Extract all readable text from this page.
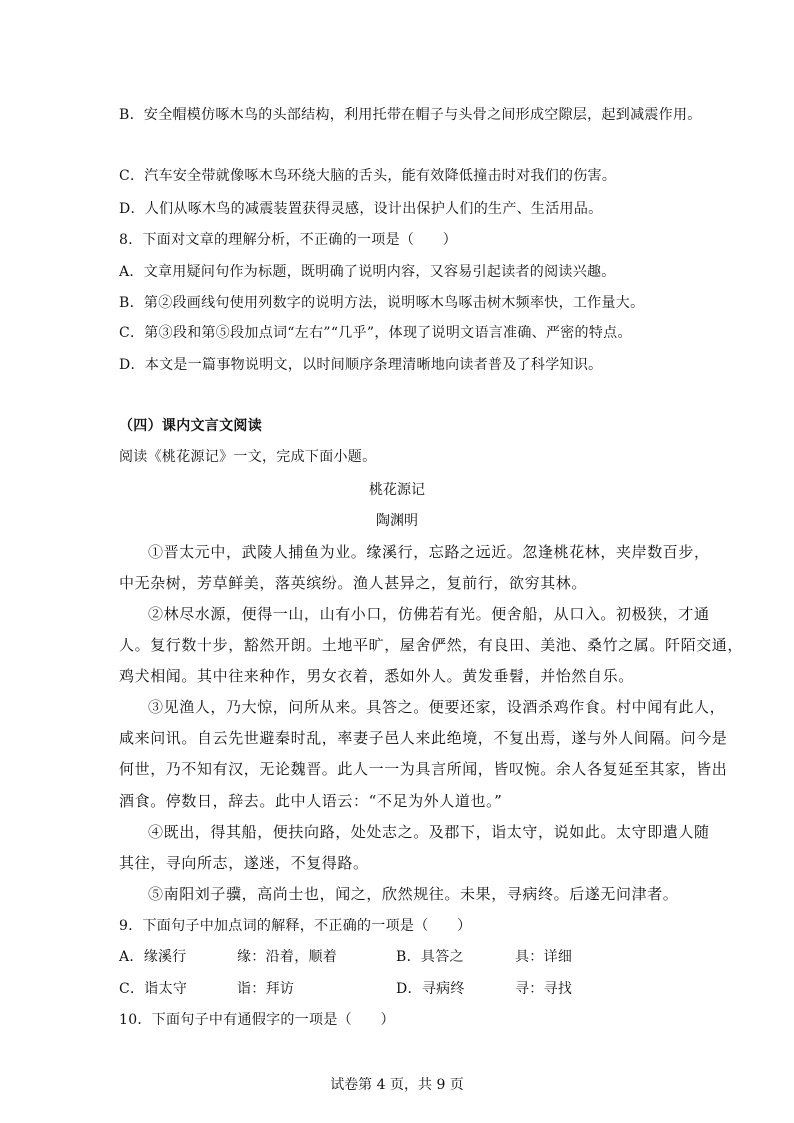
B．安全帽模仿啄木鸟的头部结构，利用托带在帽子与头骨之间形成空隙层，起到减震作用。
C．汽车安全带就像啄木鸟环绕大脑的舌头，能有效降低撞击时对我们的伤害。
D．人们从啄木鸟的减震装置获得灵感，设计出保护人们的生产、生活用品。
8．下面对文章的理解分析，不正确的一项是（　　）
A．文章用疑问句作为标题，既明确了说明内容，又容易引起读者的阅读兴趣。
B．第②段画线句使用列数字的说明方法，说明啄木鸟啄击树木频率快，工作量大。
C．第③段和第⑤段加点词“左右”“几乎”，体现了说明文语言准确、严密的特点。
D．本文是一篇事物说明文，以时间顺序条理清晰地向读者普及了科学知识。
（四）课内文言文阅读
阅读《桃花源记》一文，完成下面小题。
桃花源记
陶渊明
①晋太元中，武陵人捕鱼为业。缘溪行，忘路之远近。忽逢桃花林，夹岸数百步，
中无杂树，芳草鲜美，落英缤纷。渔人甚异之，复前行，欲穷其林。
②林尽水源，便得一山，山有小口，仿佛若有光。便舍船，从口入。初极狭，才通
人。复行数十步，豁然开朗。土地平旷，屋舍俨然，有良田、美池、桑竹之属。阡陌交通，
鸡犬相闻。其中往来种作，男女衣着，悉如外人。黄发垂髫，并怡然自乐。
③见渔人，乃大惊，问所从来。具答之。便要还家，设酒杀鸡作食。村中闻有此人，
咸来问讯。自云先世避秦时乱，率妻子邑人来此绝境，不复出焉，遂与外人间隔。问今是
何世，乃不知有汉，无论魏晋。此人一一为具言所闻，皆叹惋。余人各复延至其家，皆出
酒食。停数日，辞去。此中人语云：“不足为外人道也。”
④既出，得其船，便扶向路，处处志之。及郡下，诣太守，说如此。太守即遣人随
其往，寻向所志，遂迷，不复得路。
⑤南阳刘子骥，高尚士也，闻之，欣然规往。未果，寻病终。后遂无问津者。
9．下面句子中加点词的解释，不正确的一项是（　　）
A．缘溪行	缘：沿着，顺着	B．具答之	具：详细
C．诣太守	诣：拜访	D．寻病终	寻：寻找
10．下面句子中有通假字的一项是（　　）
试卷第 4 页，共 9 页
